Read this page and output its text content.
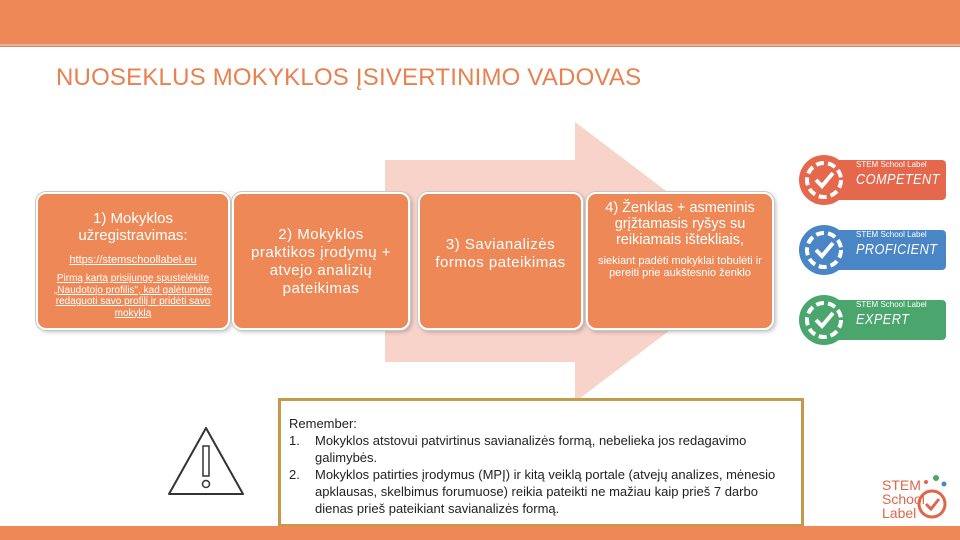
NUOSEKLUS MOKYKLOS ĮSIVERTINIMO VADOVAS
1) Mokyklos užregistravimas:
https://stemschoollabel.eu
Pirmą kartą prisijungę spustelėkite „Naudotojo profilis", kad galėtumėte redaguoti savo profilį ir pridėti savo mokyklą
2) Mokyklos praktikos įrodymų + atvejo analizių pateikimas
3) Savianalizės formos pateikimas
4) Ženklas + asmeninis grįžtamasis ryšys su reikiamais ištekliais,
siekiant padėti mokyklai tobulėti ir pereiti prie aukštesnio ženklo
STEM School Label
COMPETENT
STEM School Label
PROFICIENT
STEM School Label
EXPERT
Remember:
1. Mokyklos atstovui patvirtinus savianalizės formą, nebelieka jos redagavimo galimybės.
2. Mokyklos patirties įrodymus (MPĮ) ir kitą veiklą portale (atvejų analizes, mėnesio apklausas, skelbimus forumuose) reikia pateikti ne mažiau kaip prieš 7 darbo dienas prieš pateikiant savianalizės formą.
STEM
School
Label
